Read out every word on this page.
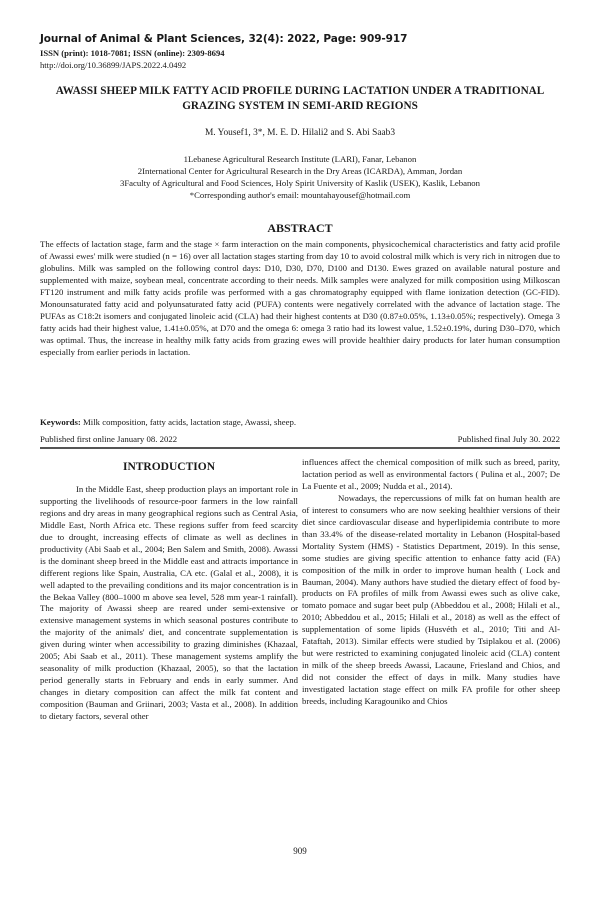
Journal of Animal & Plant Sciences, 32(4): 2022, Page: 909-917
ISSN (print): 1018-7081; ISSN (online): 2309-8694
http://doi.org/10.36899/JAPS.2022.4.0492
AWASSI SHEEP MILK FATTY ACID PROFILE DURING LACTATION UNDER A TRADITIONAL GRAZING SYSTEM IN SEMI-ARID REGIONS
M. Yousef1, 3*, M. E. D. Hilali2 and S. Abi Saab3
1Lebanese Agricultural Research Institute (LARI), Fanar, Lebanon
2International Center for Agricultural Research in the Dry Areas (ICARDA), Amman, Jordan
3Faculty of Agricultural and Food Sciences, Holy Spirit University of Kaslik (USEK), Kaslik, Lebanon
*Corresponding author's email: mountahayousef@hotmail.com
ABSTRACT
The effects of lactation stage, farm and the stage × farm interaction on the main components, physicochemical characteristics and fatty acid profile of Awassi ewes' milk were studied (n = 16) over all lactation stages starting from day 10 to avoid colostral milk which is very rich in nitrogen due to globulins. Milk was sampled on the following control days: D10, D30, D70, D100 and D130. Ewes grazed on available natural posture and supplemented with maize, soybean meal, concentrate according to their needs. Milk samples were analyzed for milk composition using Milkoscan FT120 instrument and milk fatty acids profile was performed with a gas chromatography equipped with flame ionization detection (GC-FID). Monounsaturated fatty acid and polyunsaturated fatty acid (PUFA) contents were negatively correlated with the advance of lactation stage. The PUFAs as C18:2t isomers and conjugated linoleic acid (CLA) had their highest contents at D30 (0.87±0.05%, 1.13±0.05%; respectively). Omega 3 fatty acids had their highest value, 1.41±0.05%, at D70 and the omega 6: omega 3 ratio had its lowest value, 1.52±0.19%, during D30–D70, which was optimal. Thus, the increase in healthy milk fatty acids from grazing ewes will provide healthier dairy products for later human consumption especially from earlier periods in lactation.
Keywords: Milk composition, fatty acids, lactation stage, Awassi, sheep.
Published first online January 08. 2022	Published final July 30. 2022
INTRODUCTION

In the Middle East, sheep production plays an important role in supporting the livelihoods of resource-poor farmers in the low rainfall regions and dry areas in many geographical regions such as Central Asia, Middle East, North Africa etc. These regions suffer from feed scarcity due to drought, increasing effects of climate as well as declines in productivity (Abi Saab et al., 2004; Ben Salem and Smith, 2008). Awassi is the dominant sheep breed in the Middle east and attracts importance in different regions like Spain, Australia, CA etc. (Galal et al., 2008), it is well adapted to the prevailing conditions and its major concentration is in the Bekaa Valley (800–1000 m above sea level, 528 mm year-1 rainfall). The majority of Awassi sheep are reared under semi-extensive or extensive management systems in which seasonal postures contribute to the majority of the animals' diet, and concentrate supplementation is given during winter when accessibility to grazing diminishes (Khazaal, 2005; Abi Saab et al., 2011). These management systems amplify the seasonality of milk production (Khazaal, 2005), so that the lactation period generally starts in February and ends in early summer. And changes in dietary composition can affect the milk fat content and composition (Bauman and Griinari, 2003; Vasta et al., 2008). In addition to dietary factors, several other

influences affect the chemical composition of milk such as breed, parity, lactation period as well as environmental factors ( Pulina et al., 2007; De La Fuente et al., 2009; Nudda et al., 2014).

Nowadays, the repercussions of milk fat on human health are of interest to consumers who are now seeking healthier versions of their diet since cardiovascular disease and hyperlipidemia contribute to more than 33.4% of the disease-related mortality in Lebanon (Hospital-based Mortality System (HMS) - Statistics Department, 2019). In this sense, some studies are giving specific attention to enhance fatty acid (FA) composition of the milk in order to improve human health ( Lock and Bauman, 2004). Many authors have studied the dietary effect of food by-products on FA profiles of milk from Awassi ewes such as olive cake, tomato pomace and sugar beet pulp (Abbeddou et al., 2008; Hilali et al., 2010; Abbeddou et al., 2015; Hilali et al., 2018) as well as the effect of supplementation of some lipids (Husvéth et al., 2010; Titi and Al-Fataftah, 2013). Similar effects were studied by Tsiplakou et al. (2006) but were restricted to examining conjugated linoleic acid (CLA) content in milk of the sheep breeds Awassi, Lacaune, Friesland and Chios, and did not consider the effect of days in milk. Many studies have investigated lactation stage effect on milk FA profile for other sheep breeds, including Karagouniko and Chios

909
